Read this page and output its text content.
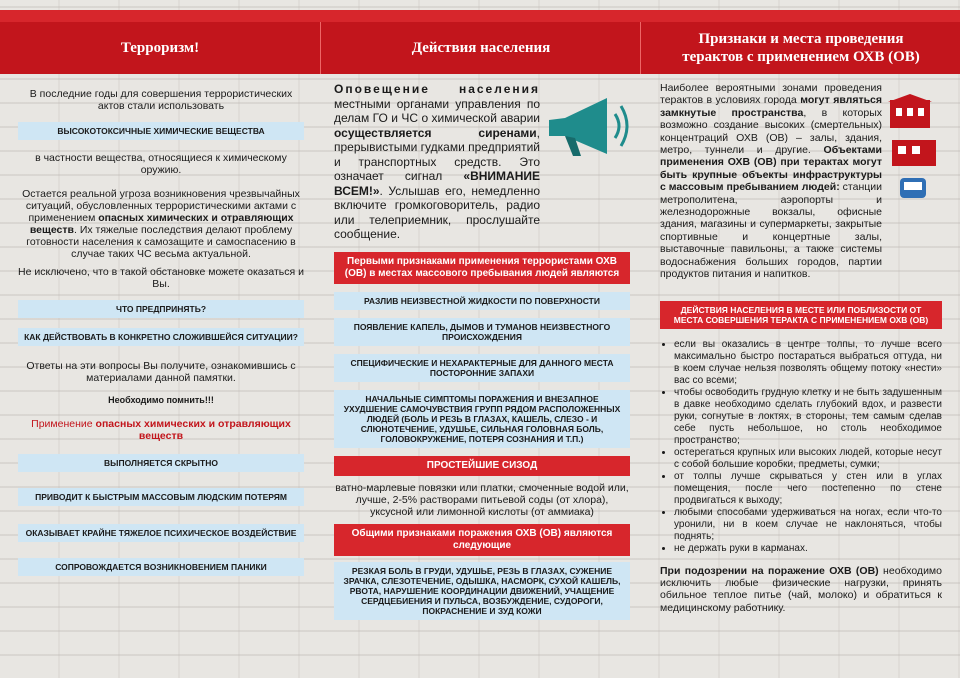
Терроризм!	Действия населения
Признаки и места проведения
терактов с применением ОХВ (ОВ)

В последние годы для совершения террористических актов стали использовать

ВЫСОКОТОКСИЧНЫЕ ХИМИЧЕСКИЕ ВЕЩЕСТВА

в частности вещества, относящиеся к химическому оружию.

Остается реальной угроза возникновения чрезвычайных ситуаций, обусловленных террористическими актами с применением опасных химических и отравляющих веществ. Их тяжелые последствия делают проблему готовности населения к самозащите и самоспасению в случае таких ЧС весьма актуальной.

Не исключено, что в такой обстановке можете оказаться и Вы.

ЧТО ПРЕДПРИНЯТЬ?
КАК ДЕЙСТВОВАТЬ В КОНКРЕТНО СЛОЖИВШЕЙСЯ СИТУАЦИИ?

Ответы на эти вопросы Вы получите, ознакомившись с материалами данной памятки.

Необходимо помнить!!!

Применение опасных химических и отравляющих веществ

ВЫПОЛНЯЕТСЯ СКРЫТНО
ПРИВОДИТ К БЫСТРЫМ МАССОВЫМ ЛЮДСКИМ ПОТЕРЯМ
ОКАЗЫВАЕТ КРАЙНЕ ТЯЖЕЛОЕ ПСИХИЧЕСКОЕ ВОЗДЕЙСТВИЕ
СОПРОВОЖДАЕТСЯ ВОЗНИКНОВЕНИЕМ ПАНИКИ

Оповещение населения местными органами управления по делам ГО и ЧС о химической аварии осуществляется сиренами, прерывистыми гудками предприятий и транспортных средств. Это означает сигнал «ВНИМАНИЕ ВСЕМ!». Услышав его, немедленно включите громкоговоритель, радио или телеприемник, прослушайте сообщение.

Первыми признаками применения террористами ОХВ (ОВ) в местах массового пребывания людей являются
РАЗЛИВ НЕИЗВЕСТНОЙ ЖИДКОСТИ ПО ПОВЕРХНОСТИ
ПОЯВЛЕНИЕ КАПЕЛЬ, ДЫМОВ И ТУМАНОВ НЕИЗВЕСТНОГО ПРОИСХОЖДЕНИЯ
СПЕЦИФИЧЕСКИЕ И НЕХАРАКТЕРНЫЕ ДЛЯ ДАННОГО МЕСТА ПОСТОРОННИЕ ЗАПАХИ
НАЧАЛЬНЫЕ СИМПТОМЫ ПОРАЖЕНИЯ И ВНЕЗАПНОЕ УХУДШЕНИЕ САМОЧУВСТВИЯ ГРУПП РЯДОМ РАСПОЛОЖЕННЫХ ЛЮДЕЙ (БОЛЬ И РЕЗЬ В ГЛАЗАХ, КАШЕЛЬ, СЛЕЗО - И СЛЮНОТЕЧЕНИЕ, УДУШЬЕ, СИЛЬНАЯ ГОЛОВНАЯ БОЛЬ, ГОЛОВОКРУЖЕНИЕ, ПОТЕРЯ СОЗНАНИЯ И Т.П.)
ПРОСТЕЙШИЕ СИЗОД

ватно-марлевые повязки или платки, смоченные водой или, лучше, 2-5% растворами питьевой соды (от хлора), уксусной или лимонной кислоты (от аммиака)

Общими признаками поражения ОХВ (ОВ) являются следующие
РЕЗКАЯ БОЛЬ В ГРУДИ, УДУШЬЕ, РЕЗЬ В ГЛАЗАХ, СУЖЕНИЕ ЗРАЧКА, СЛЕЗОТЕЧЕНИЕ, ОДЫШКА, НАСМОРК, СУХОЙ КАШЕЛЬ, РВОТА, НАРУШЕНИЕ КООРДИНАЦИИ ДВИЖЕНИЙ, УЧАЩЕНИЕ СЕРДЦЕБИЕНИЯ И ПУЛЬСА, ВОЗБУЖДЕНИЕ, СУДОРОГИ, ПОКРАСНЕНИЕ И ЗУД КОЖИ

Наиболее вероятными зонами проведения терактов в условиях города могут являться замкнутые пространства, в которых возможно создание высоких (смертельных) концентраций ОХВ (ОВ) – залы, здания, метро, туннели и другие. Объектами применения ОХВ (ОВ) при терактах могут быть крупные объекты инфраструктуры с массовым пребыванием людей: станции метрополитена, аэропорты и железнодорожные вокзалы, офисные здания, магазины и супермаркеты, закрытые спортивные и концертные залы, выставочные павильоны, а также системы водоснабжения больших городов, партии продуктов питания и напитков.

ДЕЙСТВИЯ НАСЕЛЕНИЯ В МЕСТЕ ИЛИ ПОБЛИЗОСТИ ОТ МЕСТА СОВЕРШЕНИЯ ТЕРАКТА С ПРИМЕНЕНИЕМ ОХВ (ОВ)
• если вы оказались в центре толпы, то лучше всего максимально быстро постараться выбраться оттуда, ни в коем случае нельзя позволять общему потоку «нести» вас со всеми;
• чтобы освободить грудную клетку и не быть задушенным в давке необходимо сделать глубокий вдох, и развести руки, согнутые в локтях, в стороны, тем самым сделав себе пусть небольшое, но столь необходимое пространство;
• остерегаться крупных или высоких людей, которые несут с собой большие коробки, предметы, сумки;
• от толпы лучше скрываться у стен или в углах помещения, после чего постепенно по стене продвигаться к выходу;
• любыми способами удерживаться на ногах, если что-то уронили, ни в коем случае не наклоняться, чтобы поднять;
• не держать руки в карманах.

При подозрении на поражение ОХВ (ОВ) необходимо исключить любые физические нагрузки, принять обильное теплое питье (чай, молоко) и обратиться к медицинскому работнику.
